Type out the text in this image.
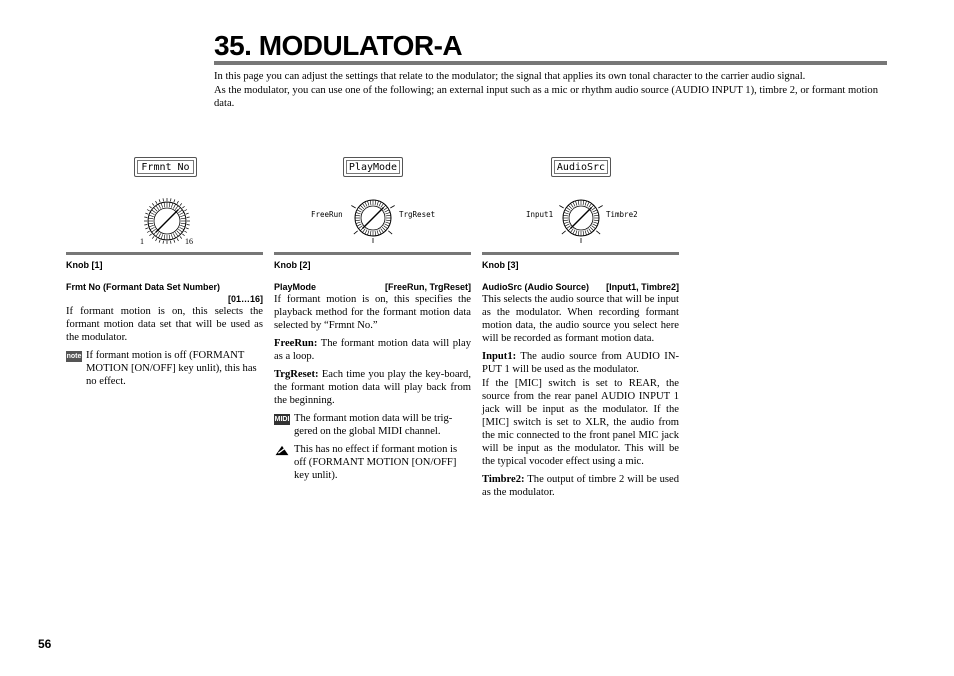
35. MODULATOR-A

In this page you can adjust the settings that relate to the modulator; the signal that applies its own tonal character to the carrier audio signal.

As the modulator, you can use one of the following; an external input such as a mic or rhythm audio source (AUDIO INPUT 1), timbre 2, or formant motion data.

Frmnt No
1	16
PlayMode
FreeRun	TrgReset
AudioSrc
Input1	Timbre2
Knob [1]
Frmt No (Formant Data Set Number)
[01…16]

If formant motion is on, this selects the formant motion data set that will be used as the modulator.

note If formant motion is off (FORMANT MOTION [ON/OFF] key unlit), this has no effect.
Knob [2]
[FreeRun, TrgReset]
PlayMode

If formant motion is on, this specifies the playback method for the formant motion data selected by “Frmnt No.”

FreeRun: The formant motion data will play as a loop.

TrgReset: Each time you play the key-board, the formant motion data will play back from the beginning.

MIDI The formant motion data will be trig-gered on the global MIDI channel.
This has no effect if formant motion is off (FORMANT MOTION [ON/OFF] key unlit).
Knob [3]
[Input1, Timbre2]
AudioSrc (Audio Source)

This selects the audio source that will be input as the modulator. When recording formant motion data, the audio source you select here will be recorded as formant motion data.

Input1: The audio source from AUDIO IN-PUT 1 will be used as the modulator.

If the [MIC] switch is set to REAR, the source from the rear panel AUDIO INPUT 1 jack will be input as the modulator. If the [MIC] switch is set to XLR, the audio from the mic connected to the front panel MIC jack will be input as the modulator. This will be the typical vocoder effect using a mic.

Timbre2: The output of timbre 2 will be used as the modulator.

56
